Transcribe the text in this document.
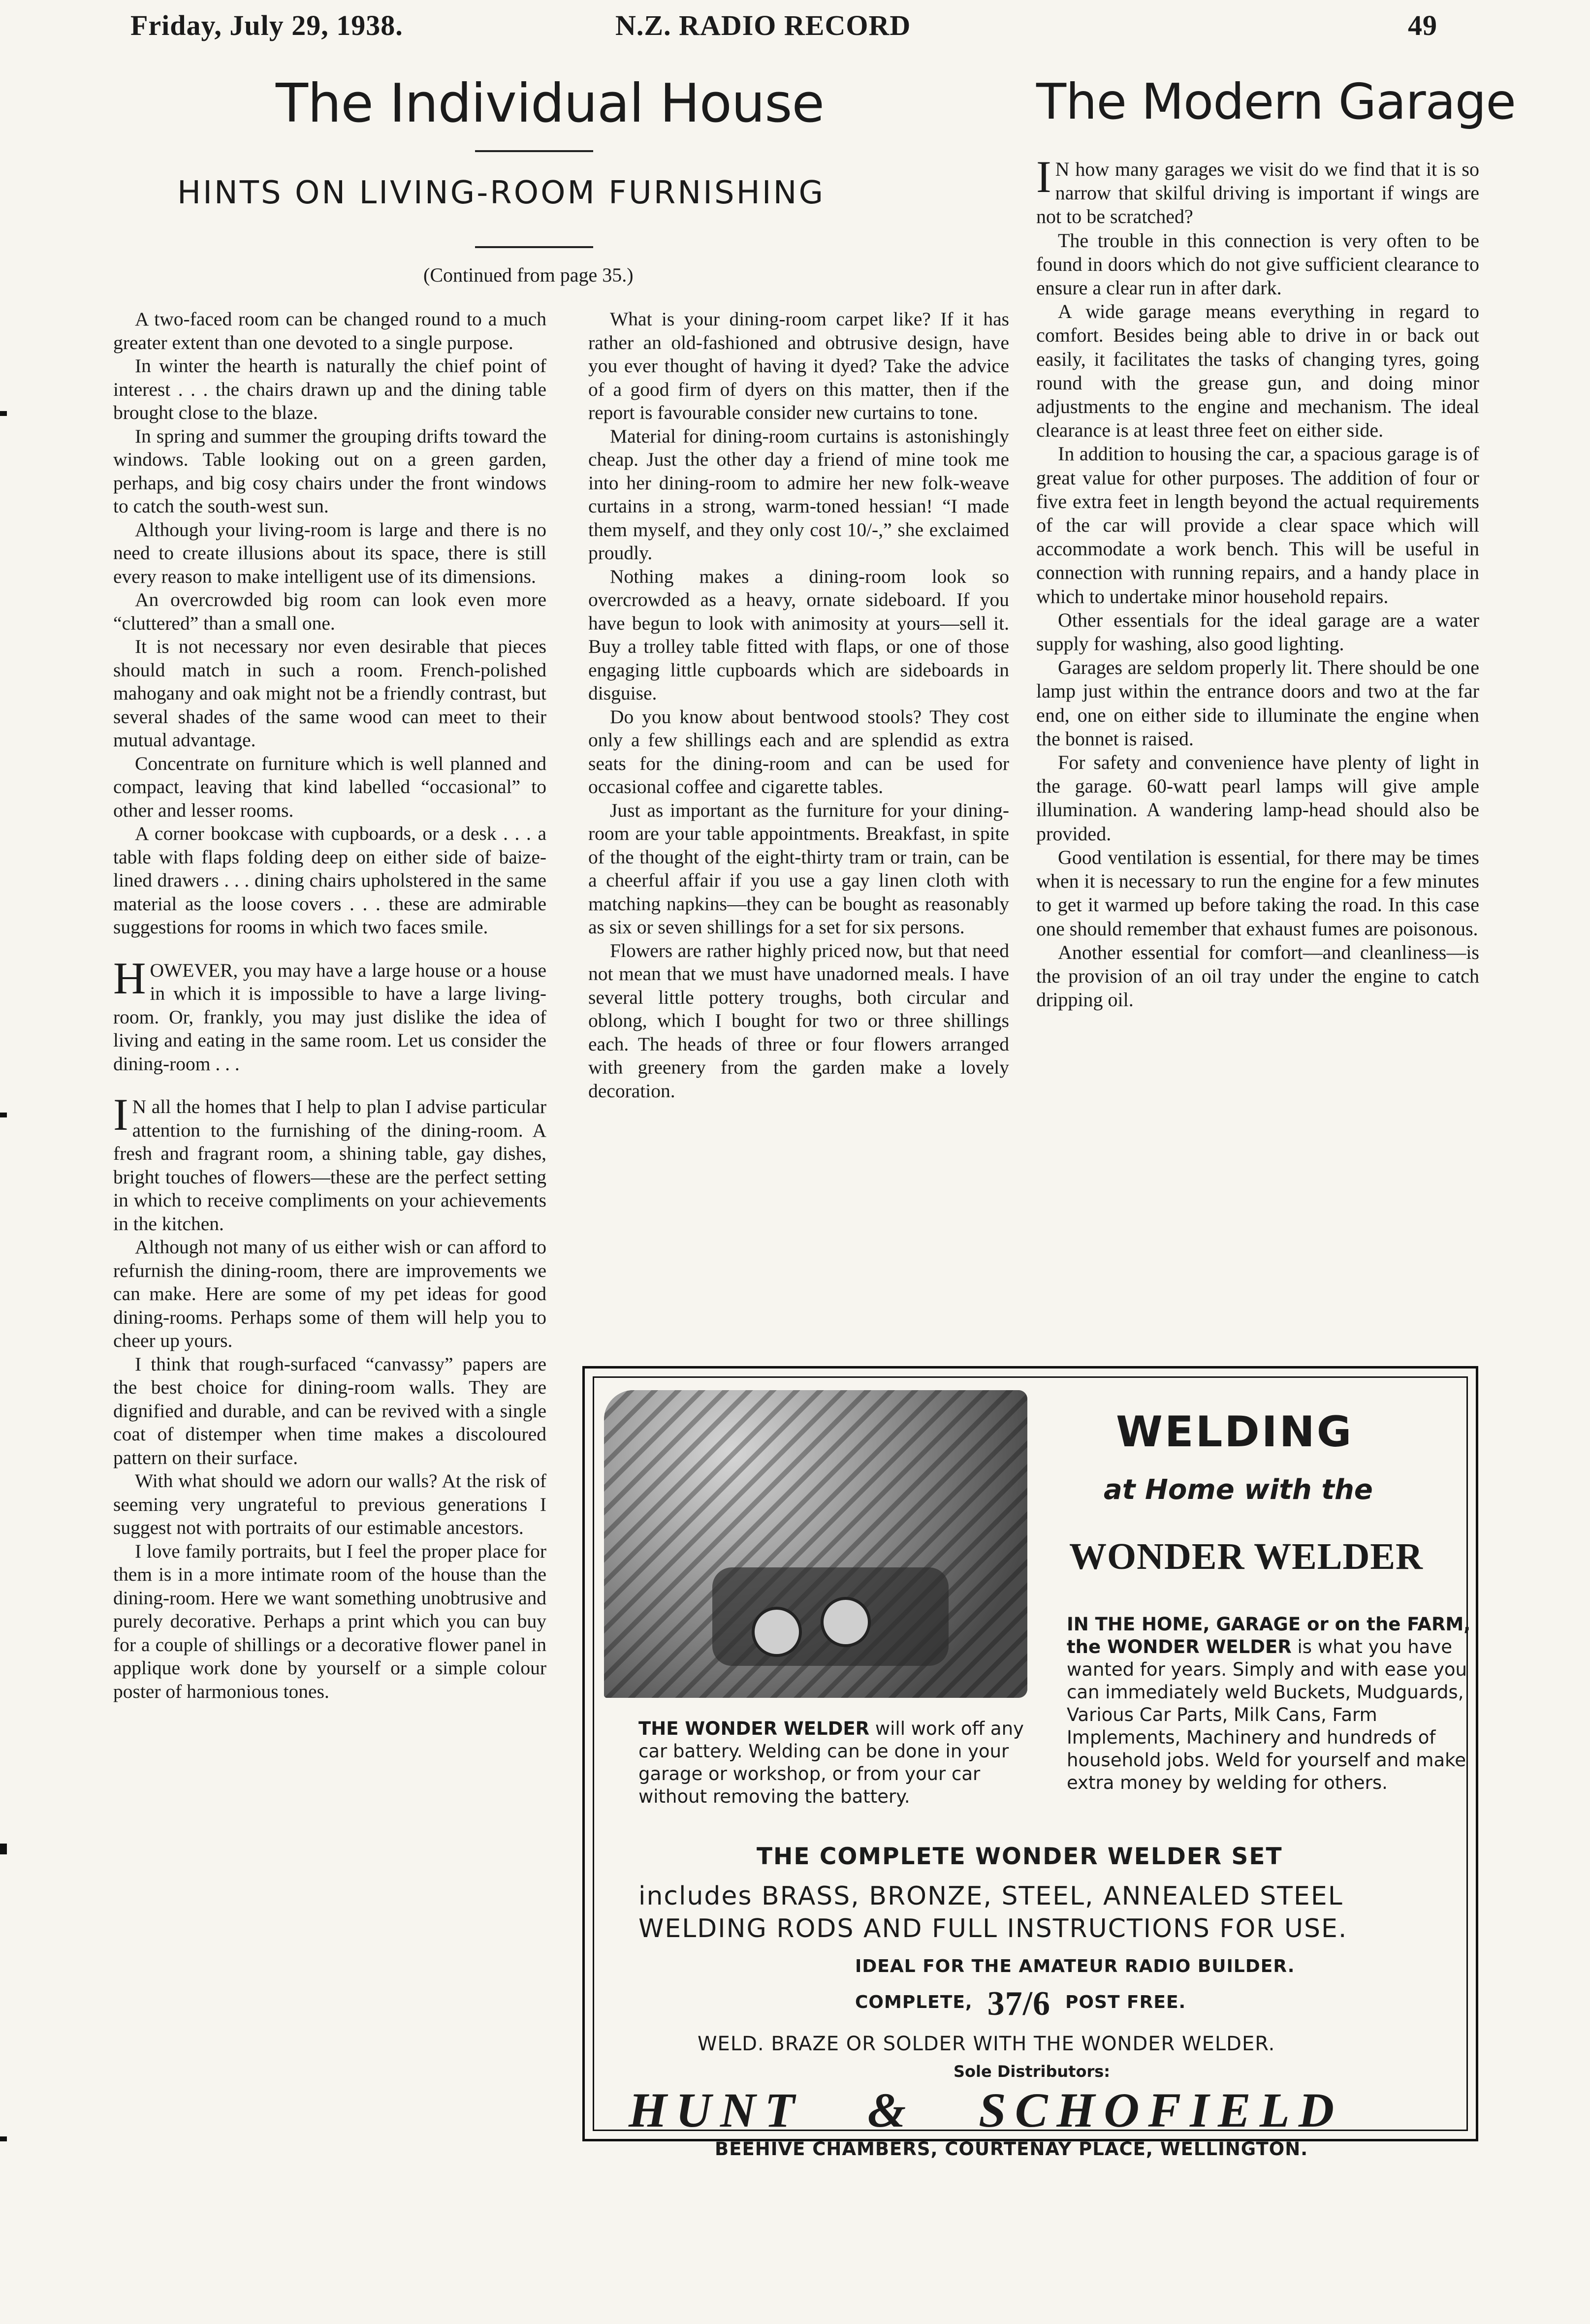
Friday, July 29, 1938.	N.Z. RADIO RECORD	49
The Individual House
HINTS ON LIVING-ROOM FURNISHING
(Continued from page 35.)
The Modern Garage

A two-faced room can be changed round to a much greater extent than one devoted to a single purpose.

In winter the hearth is naturally the chief point of interest . . . the chairs drawn up and the dining table brought close to the blaze.

In spring and summer the grouping drifts toward the windows. Table looking out on a green garden, perhaps, and big cosy chairs under the front windows to catch the south-west sun.

Although your living-room is large and there is no need to create illusions about its space, there is still every reason to make intelligent use of its dimensions.

An overcrowded big room can look even more “cluttered” than a small one.

It is not necessary nor even desirable that pieces should match in such a room. French-polished mahogany and oak might not be a friendly contrast, but several shades of the same wood can meet to their mutual advantage.

Concentrate on furniture which is well planned and compact, leaving that kind labelled “occasional” to other and lesser rooms.

A corner bookcase with cupboards, or a desk . . . a table with flaps folding deep on either side of baize-lined drawers . . . dining chairs upholstered in the same material as the loose covers . . . these are admirable suggestions for rooms in which two faces smile.

HOWEVER, you may have a large house or a house in which it is impossible to have a large living-room. Or, frankly, you may just dislike the idea of living and eating in the same room. Let us consider the dining-room . . .

I N all the homes that I help to plan I advise particular attention to the furnishing of the dining-room. A fresh and fragrant room, a shining table, gay dishes, bright touches of flowers—these are the perfect setting in which to receive compliments on your achievements in the kitchen.

Although not many of us either wish or can afford to refurnish the dining-room, there are improvements we can make. Here are some of my pet ideas for good dining-rooms. Perhaps some of them will help you to cheer up yours.

I think that rough-surfaced “canvassy” papers are the best choice for dining-room walls. They are dignified and durable, and can be revived with a single coat of distemper when time makes a discoloured pattern on their surface.

With what should we adorn our walls? At the risk of seeming very ungrateful to previous generations I suggest not with portraits of our estimable ancestors.

I love family portraits, but I feel the proper place for them is in a more intimate room of the house than the dining-room. Here we want something unobtrusive and purely decorative. Perhaps a print which you can buy for a couple of shillings or a decorative flower panel in applique work done by yourself or a simple colour poster of harmonious tones.

What is your dining-room carpet like? If it has rather an old-fashioned and obtrusive design, have you ever thought of having it dyed? Take the advice of a good firm of dyers on this matter, then if the report is favourable consider new curtains to tone.

Material for dining-room curtains is astonishingly cheap. Just the other day a friend of mine took me into her dining-room to admire her new folk-weave curtains in a strong, warm-toned hessian! “I made them myself, and they only cost 10/-,” she exclaimed proudly.

Nothing makes a dining-room look so overcrowded as a heavy, ornate sideboard. If you have begun to look with animosity at yours—sell it. Buy a trolley table fitted with flaps, or one of those engaging little cupboards which are sideboards in disguise.

Do you know about bentwood stools? They cost only a few shillings each and are splendid as extra seats for the dining-room and can be used for occasional coffee and cigarette tables.

Just as important as the furniture for your dining-room are your table appointments. Breakfast, in spite of the thought of the eight-thirty tram or train, can be a cheerful affair if you use a gay linen cloth with matching napkins—they can be bought as reasonably as six or seven shillings for a set for six persons.

Flowers are rather highly priced now, but that need not mean that we must have unadorned meals. I have several little pottery troughs, both circular and oblong, which I bought for two or three shillings each. The heads of three or four flowers arranged with greenery from the garden make a lovely decoration.

I N how many garages we visit do we find that it is so narrow that skilful driving is important if wings are not to be scratched?

The trouble in this connection is very often to be found in doors which do not give sufficient clearance to ensure a clear run in after dark.

A wide garage means everything in regard to comfort. Besides being able to drive in or back out easily, it facilitates the tasks of changing tyres, going round with the grease gun, and doing minor adjustments to the engine and mechanism. The ideal clearance is at least three feet on either side.

In addition to housing the car, a spacious garage is of great value for other purposes. The addition of four or five extra feet in length beyond the actual requirements of the car will provide a clear space which will accommodate a work bench. This will be useful in connection with running repairs, and a handy place in which to undertake minor household repairs.

Other essentials for the ideal garage are a water supply for washing, also good lighting.

Garages are seldom properly lit. There should be one lamp just within the entrance doors and two at the far end, one on either side to illuminate the engine when the bonnet is raised.

For safety and convenience have plenty of light in the garage. 60-watt pearl lamps will give ample illumination. A wandering lamp-head should also be provided.

Good ventilation is essential, for there may be times when it is necessary to run the engine for a few minutes to get it warmed up before taking the road. In this case one should remember that exhaust fumes are poisonous.

Another essential for comfort—and cleanliness—is the provision of an oil tray under the engine to catch dripping oil.

WELDING
at Home with the
WONDER WELDER
IN THE HOME, GARAGE or on the FARM, the WONDER WELDER is what you have wanted for years. Simply and with ease you can immediately weld Buckets, Mudguards, Various Car Parts, Milk Cans, Farm Implements, Machinery and hundreds of household jobs. Weld for yourself and make extra money by welding for others.
THE WONDER WELDER will work off any car battery. Welding can be done in your garage or workshop, or from your car without removing the battery.
THE COMPLETE WONDER WELDER SET
includes BRASS, BRONZE, STEEL, ANNEALED STEEL WELDING RODS AND FULL INSTRUCTIONS FOR USE.
IDEAL FOR THE AMATEUR RADIO BUILDER.
COMPLETE, 37/6 POST FREE.
WELD. BRAZE OR SOLDER WITH THE WONDER WELDER.
Sole Distributors:
HUNT & SCHOFIELD
BEEHIVE CHAMBERS, COURTENAY PLACE, WELLINGTON.
